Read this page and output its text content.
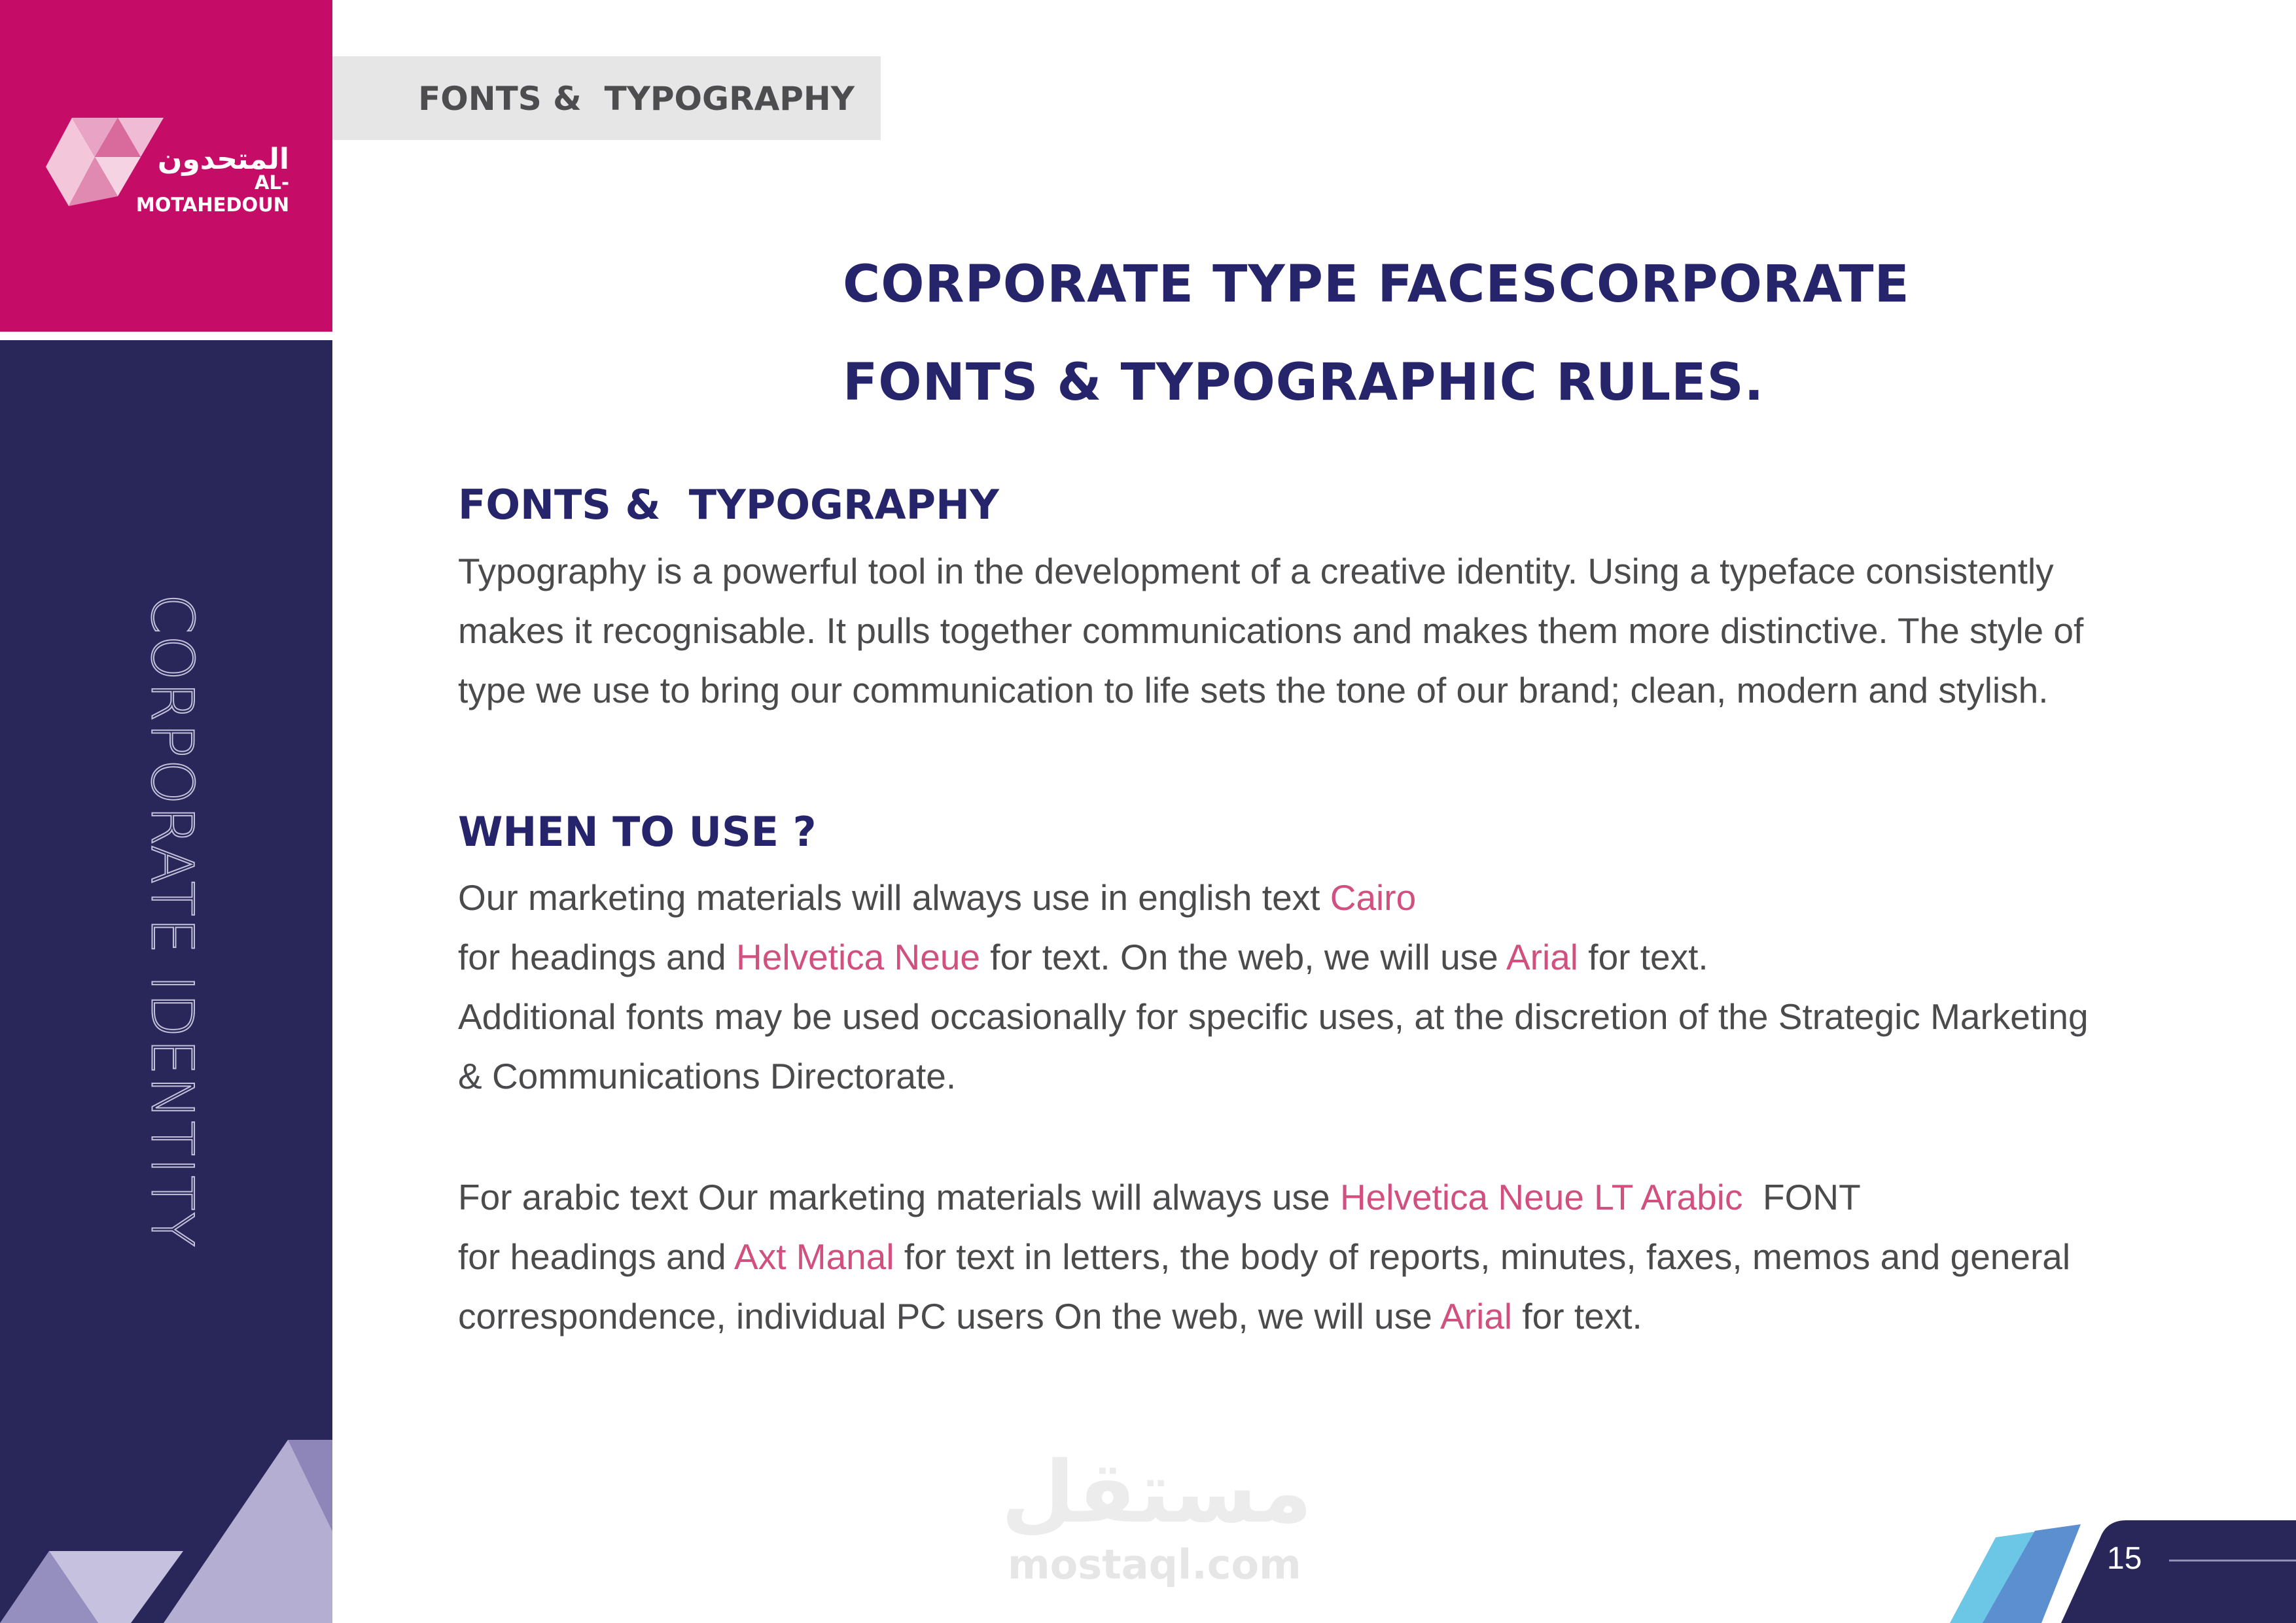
المتحدون
AL-MOTAHEDOUN
CORPORATE IDENTITY
FONTS &  TYPOGRAPHY
CORPORATE TYPE FACESCORPORATE
FONTS & TYPOGRAPHIC RULES.
FONTS &  TYPOGRAPHY
Typography is a powerful tool in the development of a creative identity. Using a typeface consistently
makes it recognisable. It pulls together communications and makes them more distinctive. The style of
type we use to bring our communication to life sets the tone of our brand; clean, modern and stylish.
WHEN TO USE ?
Our marketing materials will always use in english text Cairo
for headings and Helvetica Neue for text. On the web, we will use Arial for text.
Additional fonts may be used occasionally for specific uses, at the discretion of the Strategic Marketing
& Communications Directorate.
For arabic text Our marketing materials will always use Helvetica Neue LT Arabic  FONT
for headings and Axt Manal for text in letters, the body of reports, minutes, faxes, memos and general
correspondence, individual PC users On the web, we will use Arial for text.
مستقل
mostaql.com	15
